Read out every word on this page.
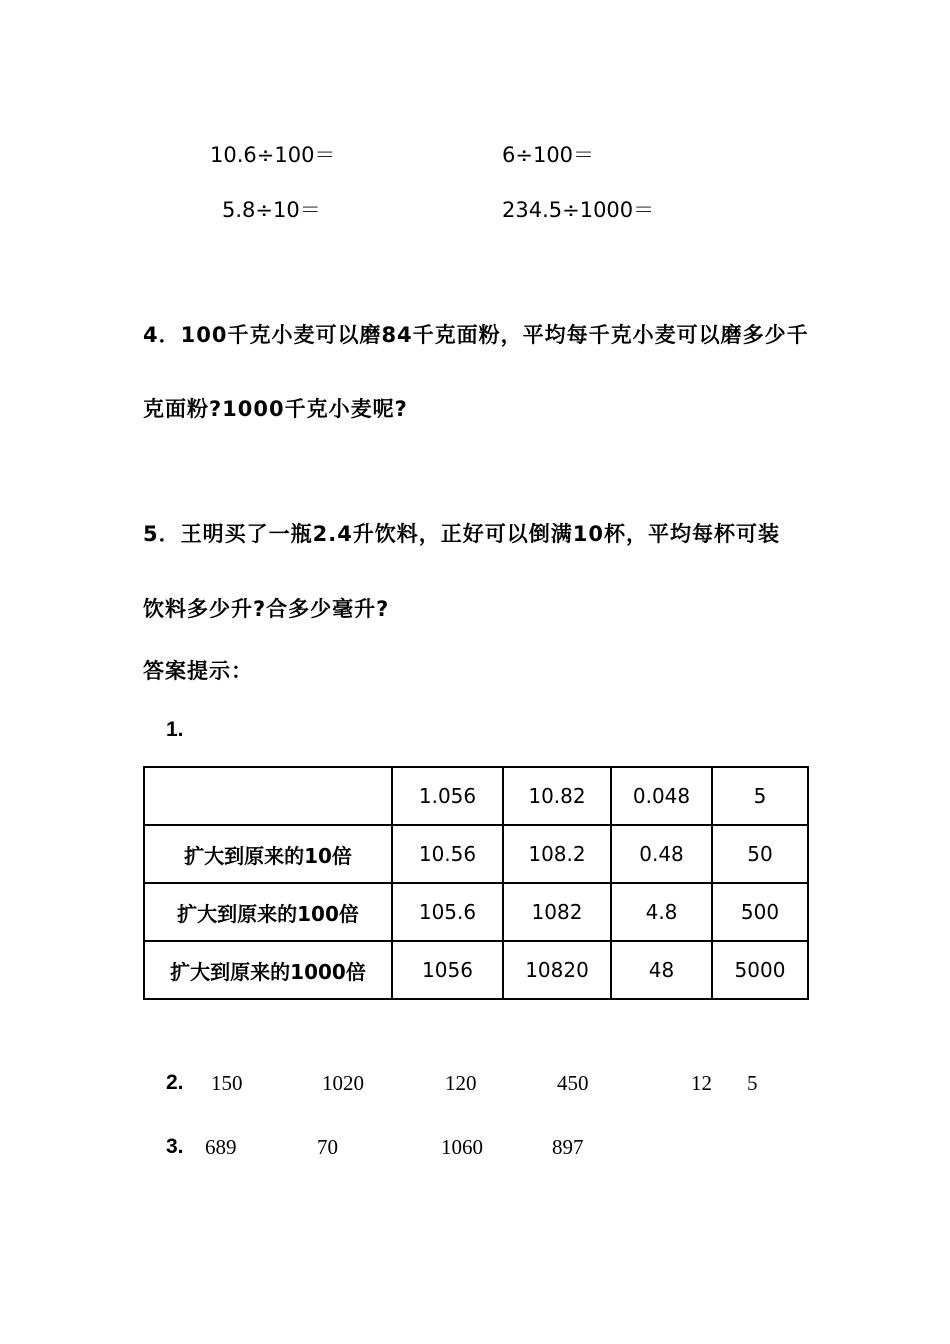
10.6÷100＝	6÷100＝
5.8÷10＝	234.5÷1000＝
4．100千克小麦可以磨84千克面粉，平均每千克小麦可以磨多少千
克面粉?1000千克小麦呢?
5．王明买了一瓶2.4升饮料，正好可以倒满10杯，平均每杯可装
饮料多少升?合多少毫升?
答案提示：
1.
	1.056	10.82	0.048	5
扩大到原来的10倍	10.56	108.2	0.48	50
扩大到原来的100倍	105.6	1082	4.8	500
扩大到原来的1000倍	1056	10820	48	5000
2. 150	1020	120	450	12 5
3. 689	70	1060	897
